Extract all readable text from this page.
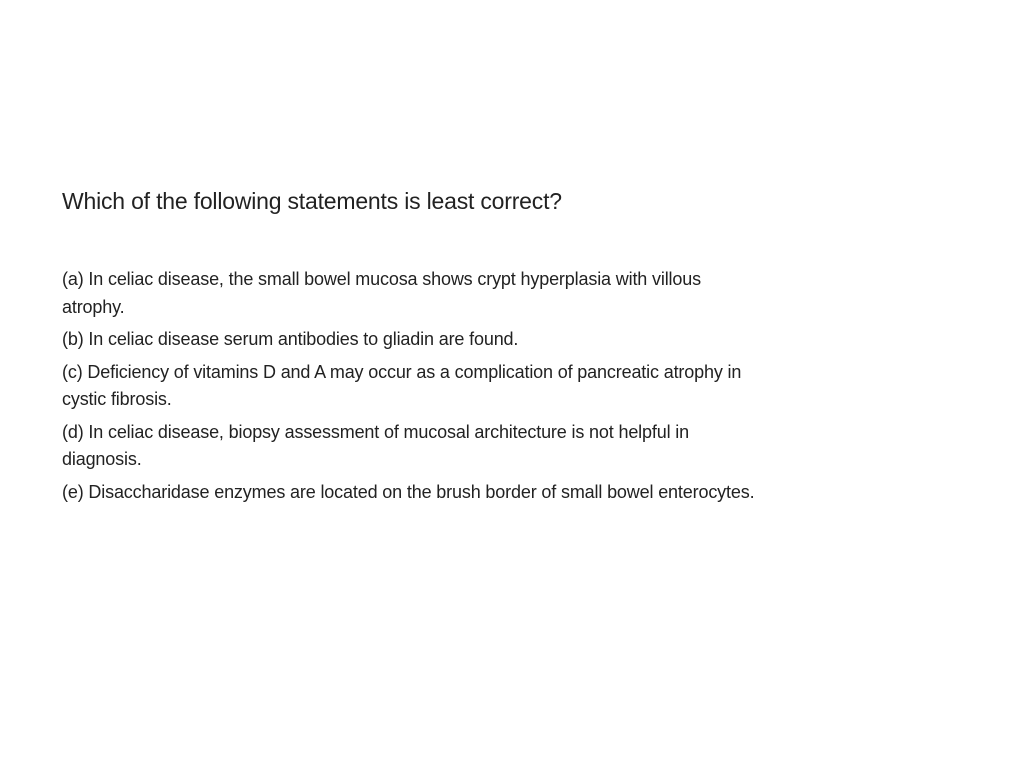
Which of the following statements is least correct?
(a) In celiac disease, the small bowel mucosa shows crypt hyperplasia with villous atrophy.
(b) In celiac disease serum antibodies to gliadin are found.
(c) Deficiency of vitamins D and A may occur as a complication of pancreatic atrophy in cystic fibrosis.
(d) In celiac disease, biopsy assessment of mucosal architecture is not helpful in diagnosis.
(e) Disaccharidase enzymes are located on the brush border of small bowel enterocytes.
